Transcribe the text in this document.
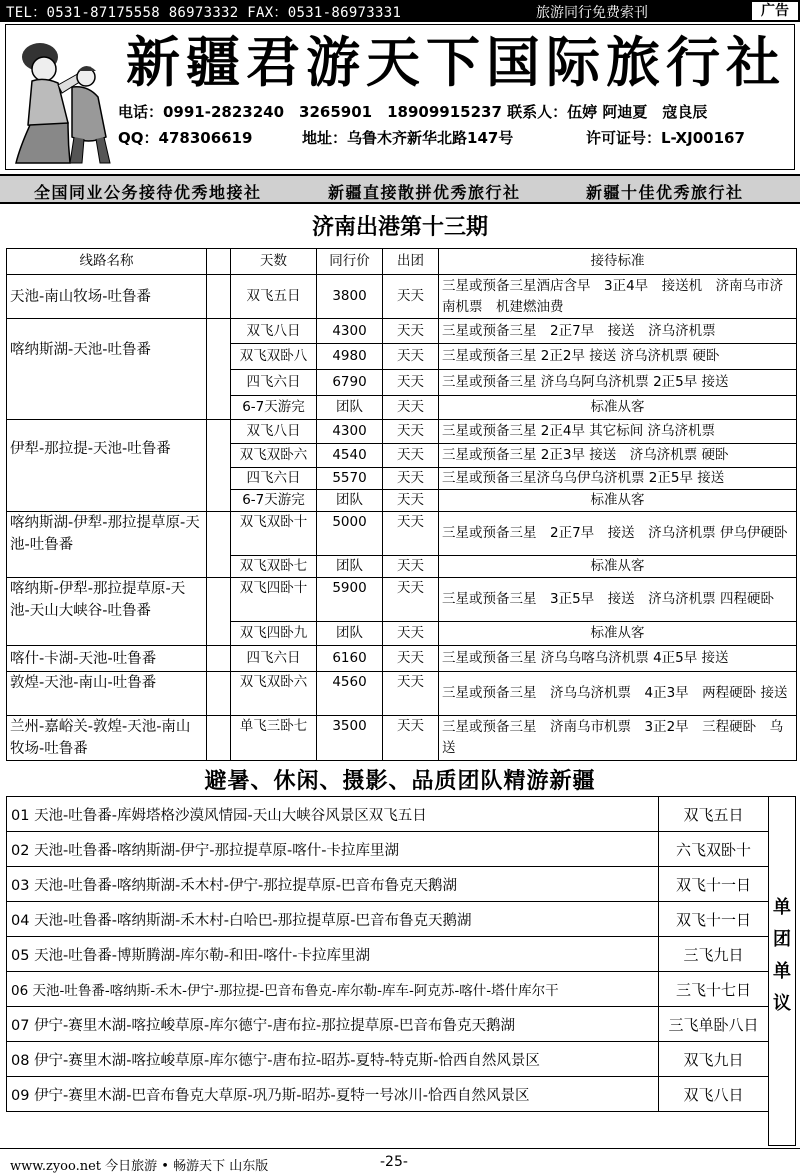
TEL：0531-87175558 86973332 FAX：0531-86973331	旅游同行免费索刊	广告
新疆君游天下国际旅行社
电话：0991-2823240　3265901　18909915237 联系人：伍婷 阿迪夏　寇良辰
QQ：478306619	地址：乌鲁木齐新华北路147号	许可证号：L-XJ00167
全国同业公务接待优秀地接社	新疆直接散拼优秀旅行社	新疆十佳优秀旅行社
济南出港第十三期
线路名称		天数	同行价	出团	接待标准
天池-南山牧场-吐鲁番		双飞五日	3800	天天	三星或预备三星酒店含早　3正4早　接送机　济南乌市济南机票　机建燃油费
喀纳斯湖-天池-吐鲁番		双飞八日	4300	天天	三星或预备三星　2正7早　接送　济乌济机票
		双飞双卧八	4980	天天	三星或预备三星 2正2早 接送 济乌济机票 硬卧
		四飞六日	6790	天天	三星或预备三星 济乌乌阿乌济机票 2正5早 接送
		6-7天游完	团队	天天	标准从客
伊犁-那拉提-天池-吐鲁番		双飞八日	4300	天天	三星或预备三星 2正4早 其它标间 济乌济机票
		双飞双卧六	4540	天天	三星或预备三星 2正3早 接送　济乌济机票 硬卧
		四飞六日	5570	天天	三星或预备三星济乌乌伊乌济机票 2正5早 接送
		6-7天游完	团队	天天	标准从客
喀纳斯湖-伊犁-那拉提草原-天池-吐鲁番		双飞双卧十	5000	天天	三星或预备三星　2正7早　接送　济乌济机票 伊乌伊硬卧
		双飞双卧七	团队	天天	标准从客
喀纳斯-伊犁-那拉提草原-天池-天山大峡谷-吐鲁番		双飞四卧十	5900	天天	三星或预备三星　3正5早　接送　济乌济机票 四程硬卧
		双飞四卧九	团队	天天	标准从客
喀什-卡湖-天池-吐鲁番		四飞六日	6160	天天	三星或预备三星 济乌乌喀乌济机票 4正5早 接送
敦煌-天池-南山-吐鲁番		双飞双卧六	4560	天天	三星或预备三星　济乌乌济机票　4正3早　两程硬卧 接送
兰州-嘉峪关-敦煌-天池-南山牧场-吐鲁番		单飞三卧七	3500	天天	三星或预备三星　济南乌市机票　3正2早　三程硬卧　乌送
避暑、休闲、摄影、品质团队精游新疆
01 天池-吐鲁番-库姆塔格沙漠风情园-天山大峡谷风景区双飞五日	双飞五日
02 天池-吐鲁番-喀纳斯湖-伊宁-那拉提草原-喀什-卡拉库里湖	六飞双卧十
03 天池-吐鲁番-喀纳斯湖-禾木村-伊宁-那拉提草原-巴音布鲁克天鹅湖	双飞十一日
04 天池-吐鲁番-喀纳斯湖-禾木村-白哈巴-那拉提草原-巴音布鲁克天鹅湖	双飞十一日
05 天池-吐鲁番-博斯腾湖-库尔勒-和田-喀什-卡拉库里湖	三飞九日
06 天池-吐鲁番-喀纳斯-禾木-伊宁-那拉提-巴音布鲁克-库尔勒-库车-阿克苏-喀什-塔什库尔干	三飞十七日
07 伊宁-赛里木湖-喀拉峻草原-库尔德宁-唐布拉-那拉提草原-巴音布鲁克天鹅湖	三飞单卧八日
08 伊宁-赛里木湖-喀拉峻草原-库尔德宁-唐布拉-昭苏-夏特-特克斯-恰西自然风景区	双飞九日
09 伊宁-赛里木湖-巴音布鲁克大草原-巩乃斯-昭苏-夏特一号冰川-恰西自然风景区	双飞八日
单
团
单
议
www.zyoo.net 今日旅游 • 畅游天下 山东版	-25-
